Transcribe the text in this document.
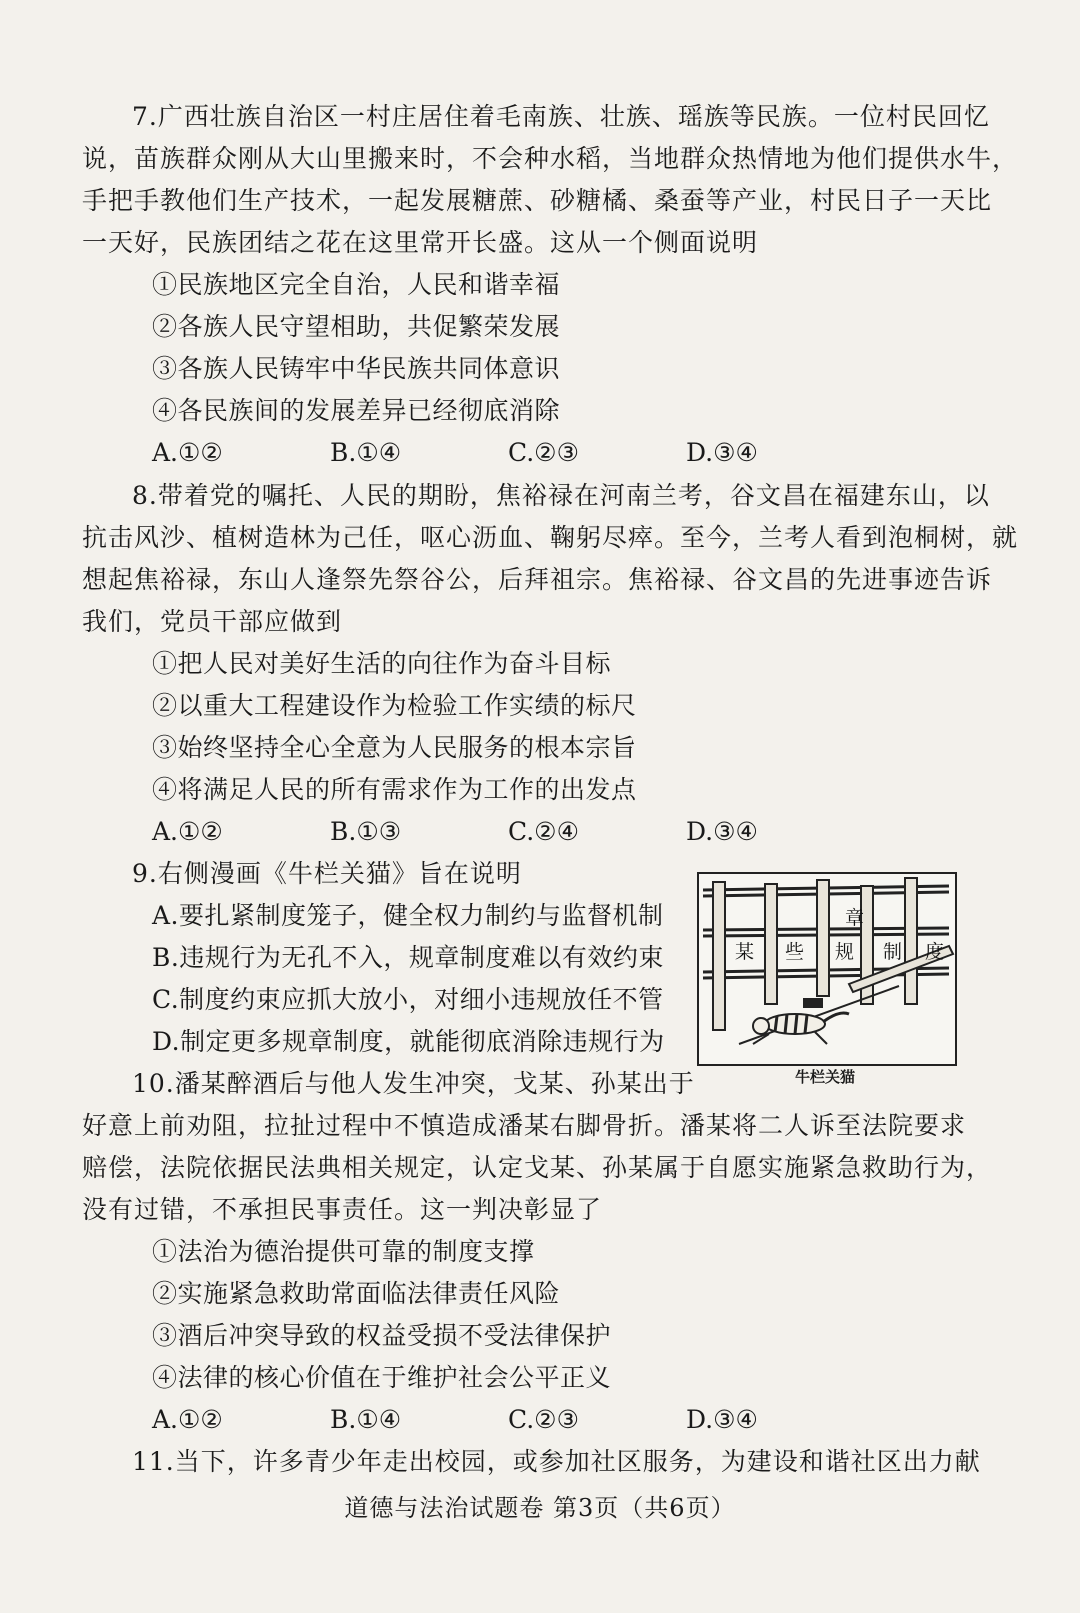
7.广西壮族自治区一村庄居住着毛南族、壮族、瑶族等民族。一位村民回忆
说，苗族群众刚从大山里搬来时，不会种水稻，当地群众热情地为他们提供水牛，
手把手教他们生产技术，一起发展糖蔗、砂糖橘、桑蚕等产业，村民日子一天比
一天好，民族团结之花在这里常开长盛。这从一个侧面说明
①民族地区完全自治，人民和谐幸福
②各族人民守望相助，共促繁荣发展
③各族人民铸牢中华民族共同体意识
④各民族间的发展差异已经彻底消除
A.①②	B.①④	C.②③	D.③④
8.带着党的嘱托、人民的期盼，焦裕禄在河南兰考，谷文昌在福建东山，以
抗击风沙、植树造林为己任，呕心沥血、鞠躬尽瘁。至今，兰考人看到泡桐树，就
想起焦裕禄，东山人逢祭先祭谷公，后拜祖宗。焦裕禄、谷文昌的先进事迹告诉
我们，党员干部应做到
①把人民对美好生活的向往作为奋斗目标
②以重大工程建设作为检验工作实绩的标尺
③始终坚持全心全意为人民服务的根本宗旨
④将满足人民的所有需求作为工作的出发点
A.①②	B.①③	C.②④	D.③④
9.右侧漫画《牛栏关猫》旨在说明
A.要扎紧制度笼子，健全权力制约与监督机制
B.违规行为无孔不入，规章制度难以有效约束
C.制度约束应抓大放小，对细小违规放任不管
D.制定更多规章制度，就能彻底消除违规行为
某 些 规
章
制 度
牛栏关猫
10.潘某醉酒后与他人发生冲突，戈某、孙某出于
好意上前劝阻，拉扯过程中不慎造成潘某右脚骨折。潘某将二人诉至法院要求
赔偿，法院依据民法典相关规定，认定戈某、孙某属于自愿实施紧急救助行为，
没有过错，不承担民事责任。这一判决彰显了
①法治为德治提供可靠的制度支撑
②实施紧急救助常面临法律责任风险
③酒后冲突导致的权益受损不受法律保护
④法律的核心价值在于维护社会公平正义
A.①②	B.①④	C.②③	D.③④
11.当下，许多青少年走出校园，或参加社区服务，为建设和谐社区出力献
道德与法治试题卷 第3页（共6页）
